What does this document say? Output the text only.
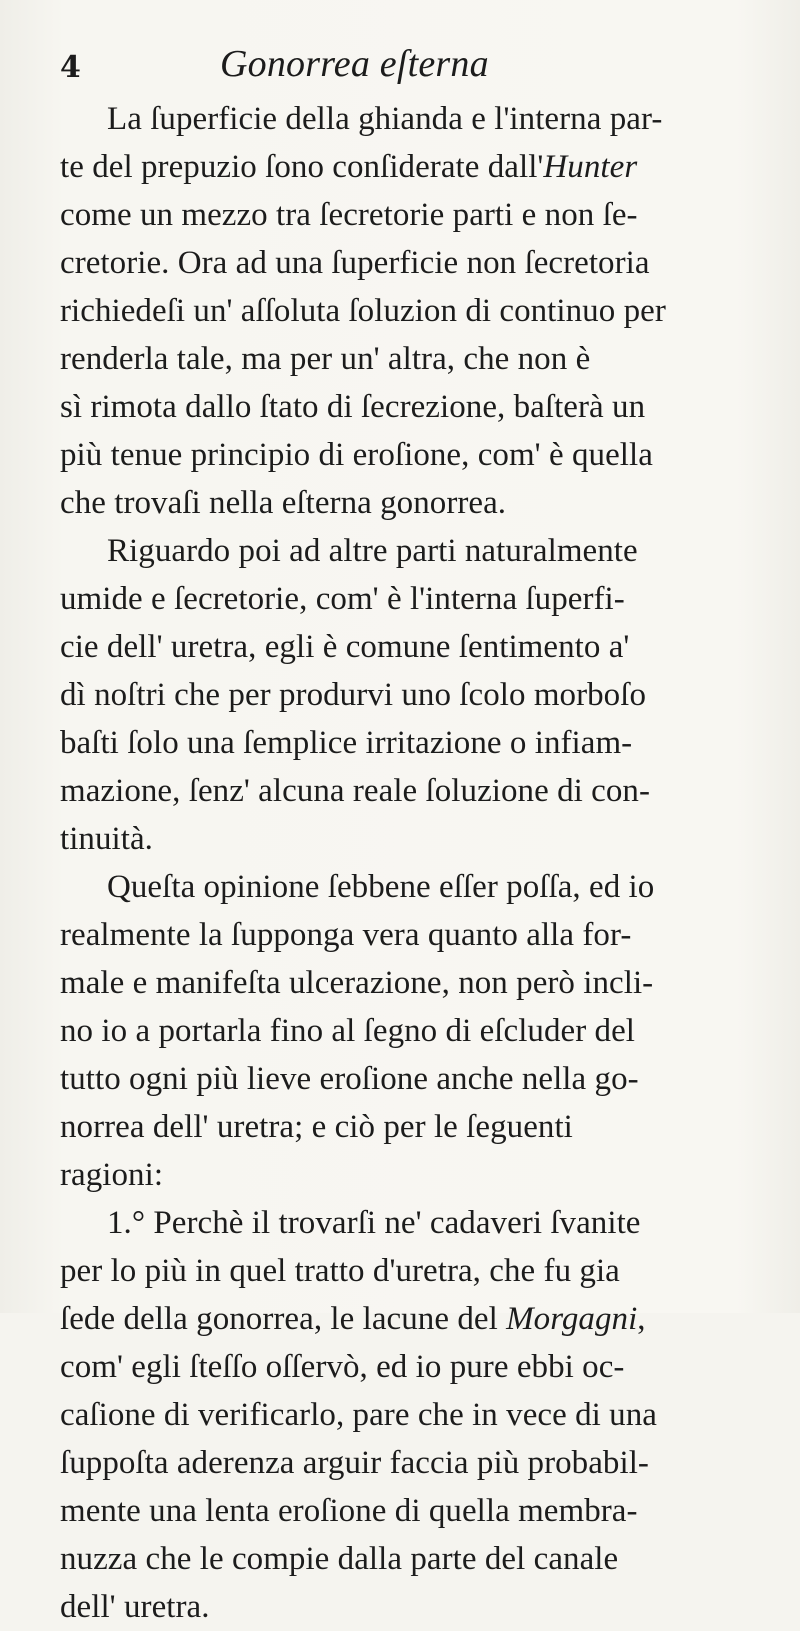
4	Gonorrea eſterna
La ſuperficie della ghianda e l'interna par-
te del prepuzio ſono conſiderate dall'Hunter
come un mezzo tra ſecretorie parti e non ſe-
cretorie. Ora ad una ſuperficie non ſecretoria
richiedeſi un' aſſoluta ſoluzion di continuo per
renderla tale, ma per un' altra, che non è
sì rimota dallo ſtato di ſecrezione, baſterà un
più tenue principio di eroſione, com' è quella
che trovaſi nella eſterna gonorrea.
Riguardo poi ad altre parti naturalmente
umide e ſecretorie, com' è l'interna ſuperfi-
cie dell' uretra, egli è comune ſentimento a'
dì noſtri che per produrvi uno ſcolo morboſo
baſti ſolo una ſemplice irritazione o infiam-
mazione, ſenz' alcuna reale ſoluzione di con-
tinuità.
Queſta opinione ſebbene eſſer poſſa, ed io
realmente la ſupponga vera quanto alla for-
male e manifeſta ulcerazione, non però incli-
no io a portarla fino al ſegno di eſcluder del
tutto ogni più lieve eroſione anche nella go-
norrea dell' uretra; e ciò per le ſeguenti
ragioni:
1.° Perchè il trovarſi ne' cadaveri ſvanite
per lo più in quel tratto d'uretra, che fu gia
ſede della gonorrea, le lacune del Morgagni,
com' egli ſteſſo oſſervò, ed io pure ebbi oc-
caſione di verificarlo, pare che in vece di una
ſuppoſta aderenza arguir faccia più probabil-
mente una lenta eroſione di quella membra-
nuzza che le compie dalla parte del canale
dell' uretra.
